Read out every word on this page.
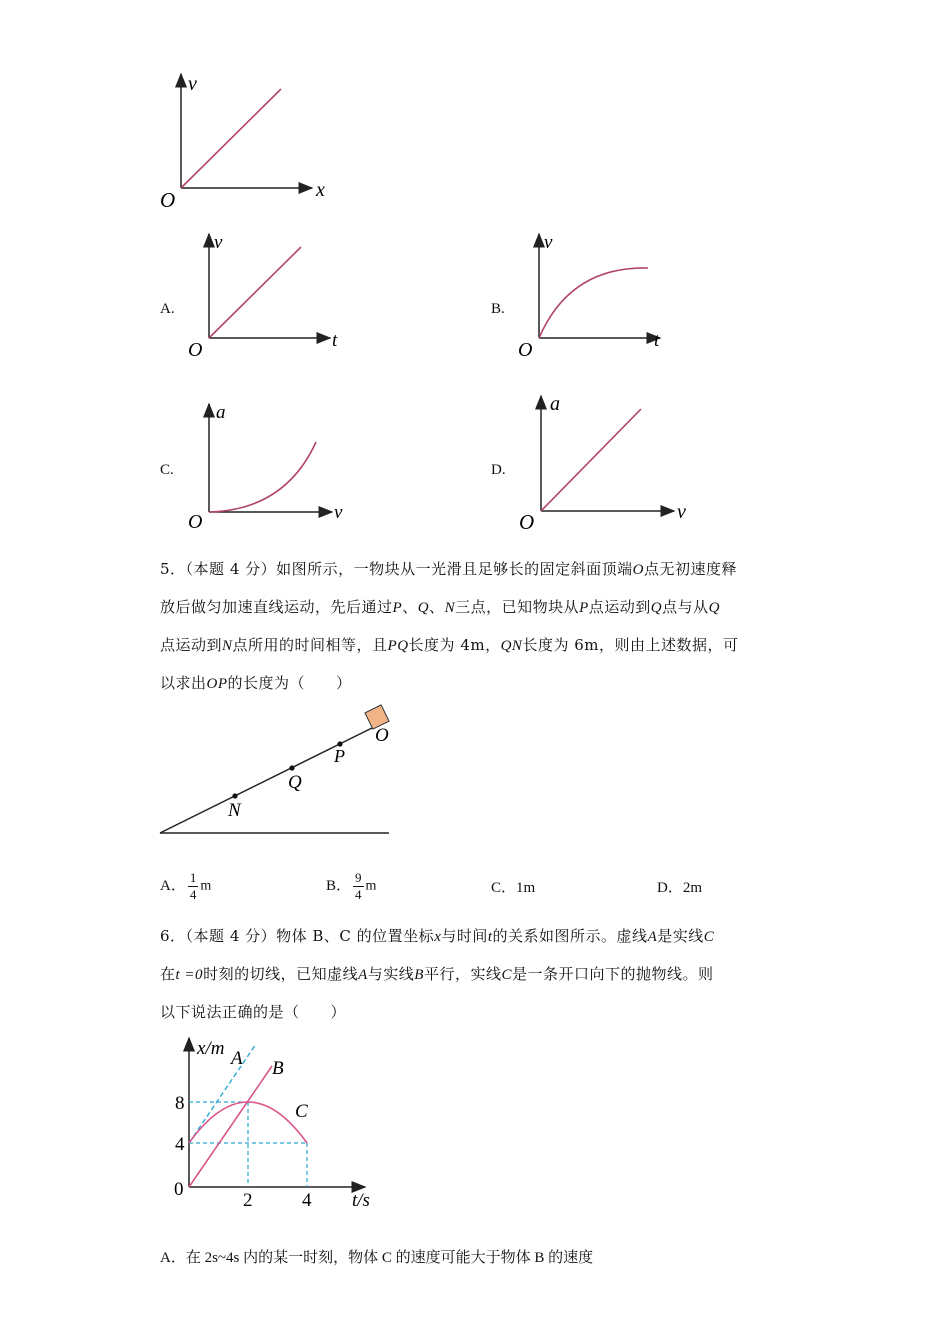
v
x
O
A.
v
t
O
B.
v
t
O
C.
a
v
O
D.
a
v
O
5．（本题 4 分）如图所示，一物块从一光滑且足够长的固定斜面顶端O点无初速度释
放后做匀加速直线运动，先后通过P、Q、N三点，已知物块从P点运动到Q点与从Q
点运动到N点所用的时间相等，且PQ长度为 4m，QN长度为 6m，则由上述数据，可
以求出OP的长度为（　　）
O
P
Q
N
A． $\frac{1}{4}$ m	B． $\frac{9}{4}$ m	C．1m	D．2m
6．（本题 4 分）物体 B、C 的位置坐标x与时间t的关系如图所示。虚线A是实线C
在t =0时刻的切线，已知虚线A与实线B平行，实线C是一条开口向下的抛物线。则
以下说法正确的是（　　）
x/m
t/s
0
8
4
2	4
A B
C
A．在 2s~4s 内的某一时刻，物体 C 的速度可能大于物体 B 的速度
